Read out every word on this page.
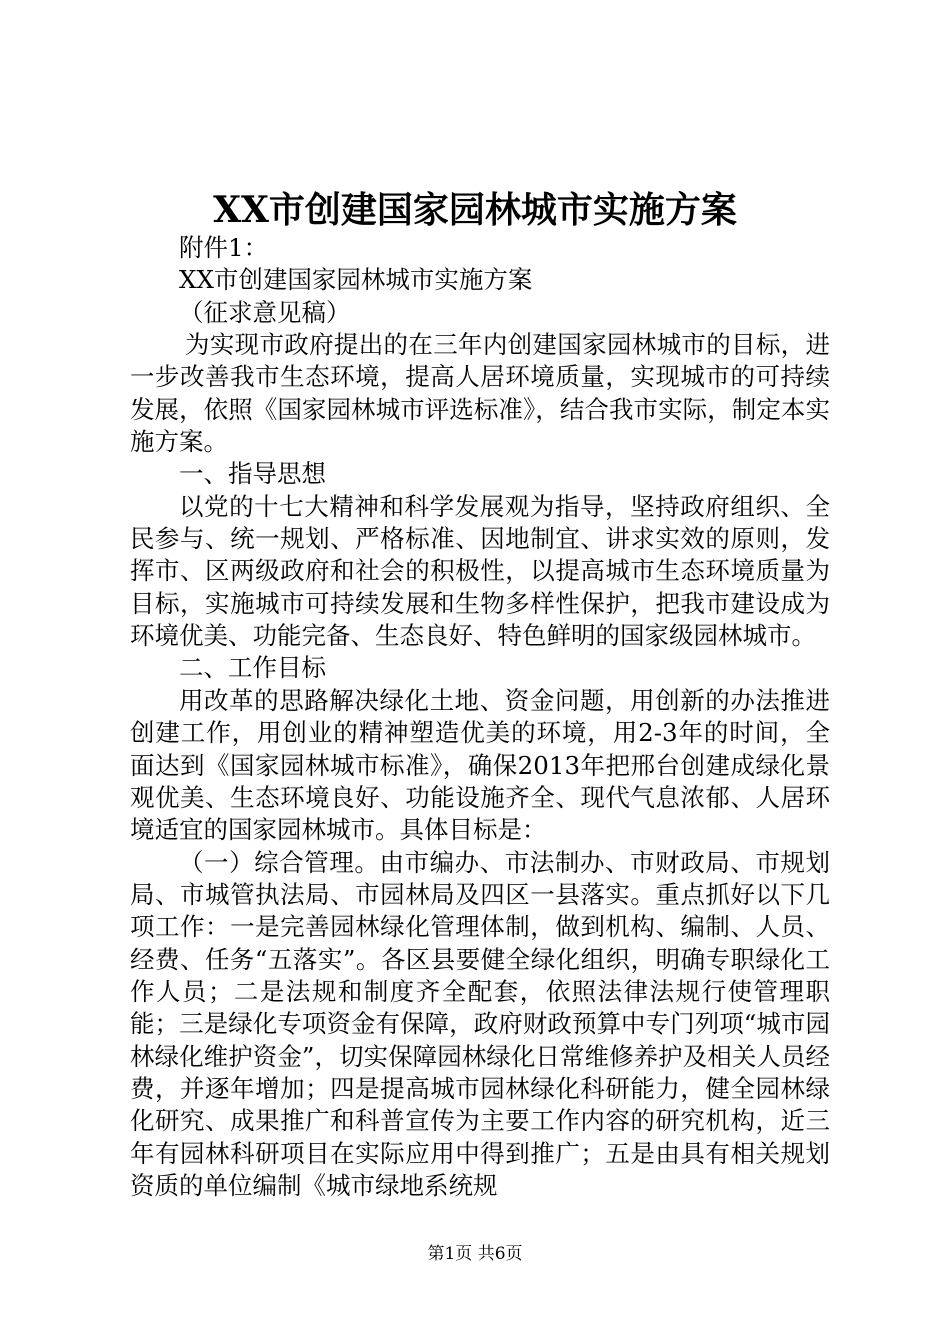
XX市创建国家园林城市实施方案

附件1：

XX市创建国家园林城市实施方案

（征求意见稿）

为实现市政府提出的在三年内创建国家园林城市的目标，进一步改善我市生态环境，提高人居环境质量，实现城市的可持续发展，依照《国家园林城市评选标准》，结合我市实际，制定本实施方案。

一、指导思想

以党的十七大精神和科学发展观为指导，坚持政府组织、全民参与、统一规划、严格标准、因地制宜、讲求实效的原则，发挥市、区两级政府和社会的积极性，以提高城市生态环境质量为目标，实施城市可持续发展和生物多样性保护，把我市建设成为环境优美、功能完备、生态良好、特色鲜明的国家级园林城市。

二、工作目标

用改革的思路解决绿化土地、资金问题，用创新的办法推进创建工作，用创业的精神塑造优美的环境，用2-3年的时间，全面达到《国家园林城市标准》，确保2013年把邢台创建成绿化景观优美、生态环境良好、功能设施齐全、现代气息浓郁、人居环境适宜的国家园林城市。具体目标是：

（一）综合管理。由市编办、市法制办、市财政局、市规划局、市城管执法局、市园林局及四区一县落实。重点抓好以下几项工作：一是完善园林绿化管理体制，做到机构、编制、人员、经费、任务“五落实”。各区县要健全绿化组织，明确专职绿化工作人员；二是法规和制度齐全配套，依照法律法规行使管理职能；三是绿化专项资金有保障，政府财政预算中专门列项“城市园林绿化维护资金”，切实保障园林绿化日常维修养护及相关人员经费，并逐年增加；四是提高城市园林绿化科研能力，健全园林绿化研究、成果推广和科普宣传为主要工作内容的研究机构，近三年有园林科研项目在实际应用中得到推广；五是由具有相关规划资质的单位编制《城市绿地系统规

第1页 共6页
